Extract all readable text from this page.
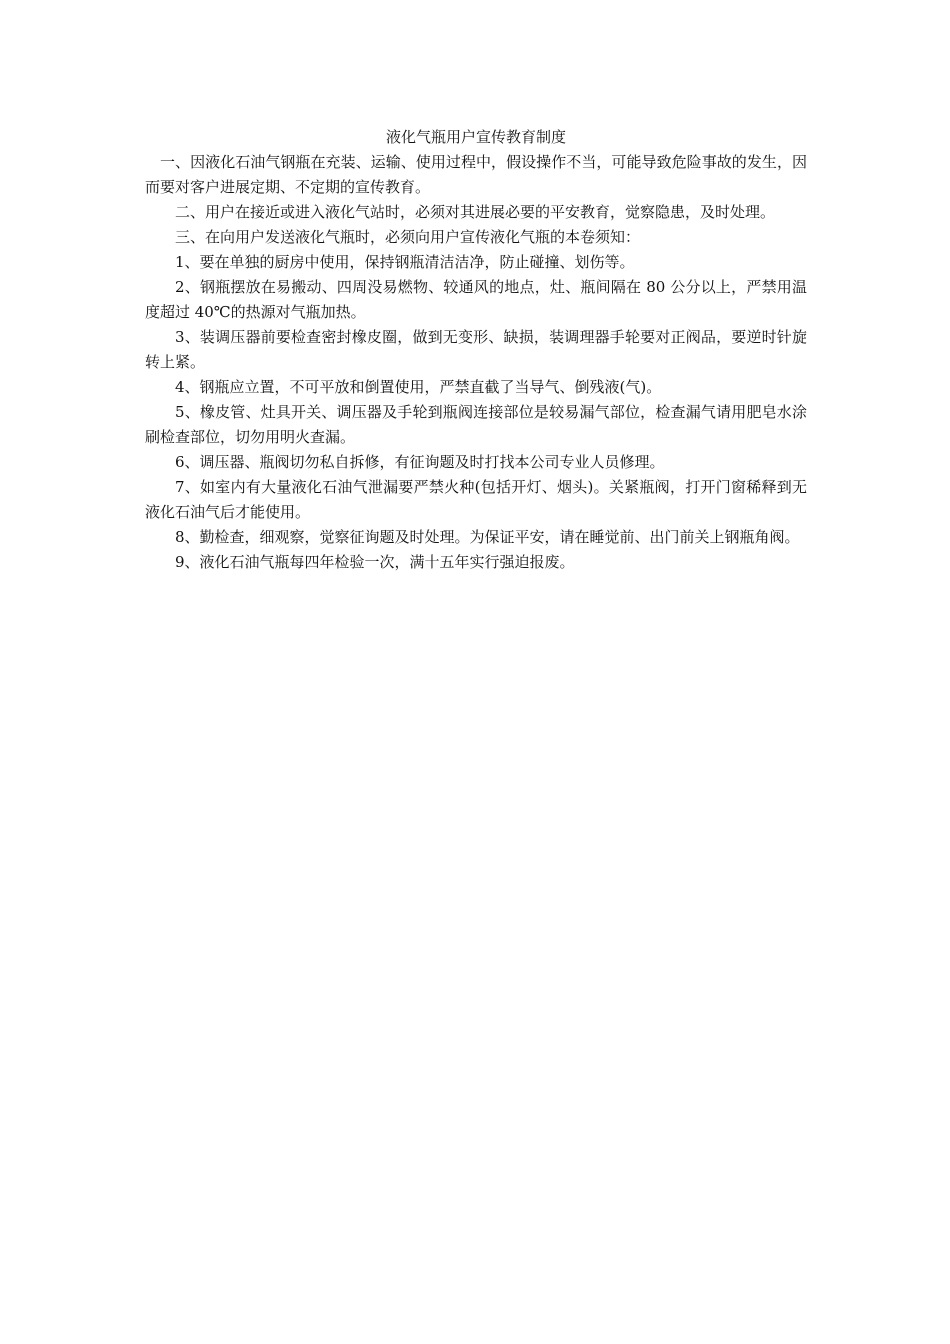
液化气瓶用户宣传教育制度

一、因液化石油气钢瓶在充装、运输、使用过程中，假设操作不当，可能导致危险事故的发生，因而要对客户进展定期、不定期的宣传教育。

二、用户在接近或进入液化气站时，必须对其进展必要的平安教育，觉察隐患，及时处理。

三、在向用户发送液化气瓶时，必须向用户宣传液化气瓶的本卷须知：

1、要在单独的厨房中使用，保持钢瓶清洁洁净，防止碰撞、划伤等。

2、钢瓶摆放在易搬动、四周没易燃物、较通风的地点，灶、瓶间隔在 80 公分以上，严禁用温度超过 40℃的热源对气瓶加热。

3、装调压器前要检查密封橡皮圈，做到无变形、缺损，装调理器手轮要对正阀品，要逆时针旋转上紧。

4、钢瓶应立置，不可平放和倒置使用，严禁直截了当导气、倒残液(气)。

5、橡皮管、灶具开关、调压器及手轮到瓶阀连接部位是较易漏气部位，检查漏气请用肥皂水涂刷检查部位，切勿用明火查漏。

6、调压器、瓶阀切勿私自拆修，有征询题及时打找本公司专业人员修理。

7、如室内有大量液化石油气泄漏要严禁火种(包括开灯、烟头)。关紧瓶阀，打开门窗稀释到无液化石油气后才能使用。

8、勤检查，细观察，觉察征询题及时处理。为保证平安，请在睡觉前、出门前关上钢瓶角阀。

9、液化石油气瓶每四年检验一次，满十五年实行强迫报废。
